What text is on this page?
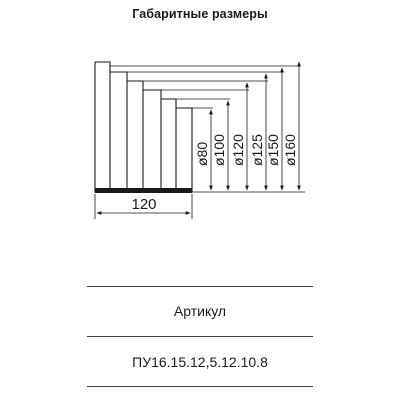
Габаритные размеры
ø80 ø100 ø120 ø125 ø150 ø160
120
Артикул
ПУ16.15.12,5.12.10.8
